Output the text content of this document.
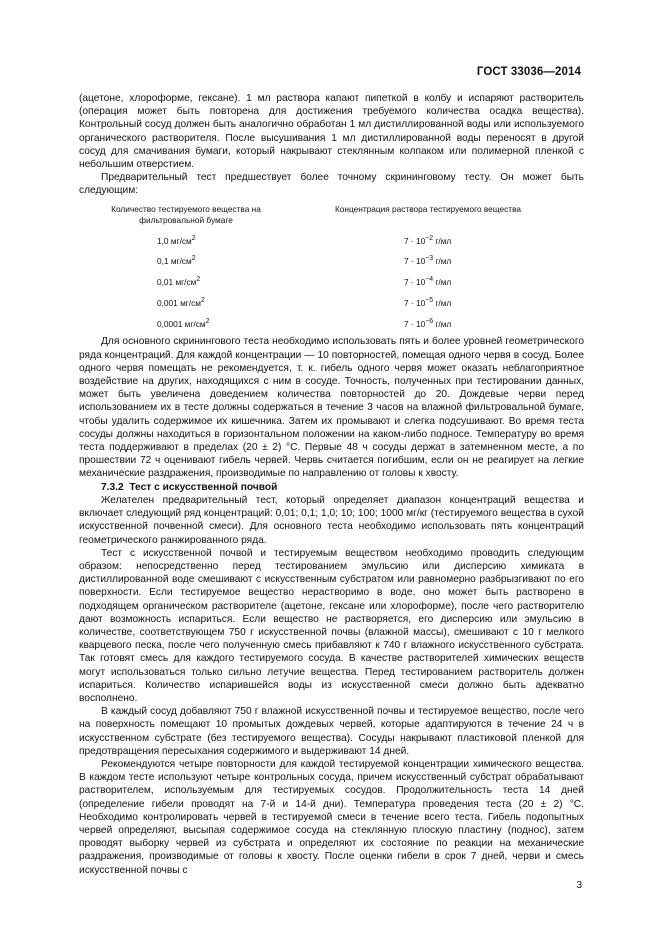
ГОСТ 33036—2014

(ацетоне, хлороформе, гексане). 1 мл раствора капают пипеткой в колбу и испаряют растворитель (операция может быть повторена для достижения требуемого количества осадка вещества). Контрольный сосуд должен быть аналогично обработан 1 мл дистиллированной воды или используемого органического растворителя. После высушивания 1 мл дистиллированной воды переносят в другой сосуд для смачивания бумаги, который накрывают стеклянным колпаком или полимерной пленкой с небольшим отверстием.

Предварительный тест предшествует более точному скрининговому тесту. Он может быть следующим:

Количество тестируемого вещества на фильтровальной бумаге
Концентрация раствора тестируемого вещества
1,0 $мг/см^2$	$7 \cdot 10^{-2}$ г/мл
0,1 $мг/см^2$	$7 \cdot 10^{-3}$ г/мл
0,01 $мг/см^2$	$7 \cdot 10^{-4}$ г/мл
0,001 $мг/см^2$	$7 \cdot 10^{-5}$ г/мл
0,0001 $мг/см^2$	$7 \cdot 10^{-6}$ г/мл

Для основного скринингового теста необходимо использовать пять и более уровней геометрического ряда концентраций. Для каждой концентрации — 10 повторностей, помещая одного червя в сосуд. Более одного червя помещать не рекомендуется, т. к. гибель одного червя может оказать неблагоприятное воздействие на других, находящихся с ним в сосуде. Точность, полученных при тестировании данных, может быть увеличена доведением количества повторностей до 20. Дождевые черви перед использованием их в тесте должны содержаться в течение 3 часов на влажной фильтровальной бумаге, чтобы удалить содержимое их кишечника. Затем их промывают и слегка подсушивают. Во время теста сосуды должны находиться в горизонтальном положении на каком-либо подносе. Температуру во время теста поддерживают в пределах (20 ± 2) °С. Первые 48 ч сосуды держат в затемненном месте, а по прошествии 72 ч оценивают гибель червей. Червь считается погибшим, если он не реагирует на легкие механические раздражения, производимые по направлению от головы к хвосту.

7.3.2 Тест с искусственной почвой

Желателен предварительный тест, который определяет диапазон концентраций вещества и включает следующий ряд концентраций: 0,01; 0,1; 1,0; 10; 100; 1000 мг/кг (тестируемого вещества в сухой искусственной почвенной смеси). Для основного теста необходимо использовать пять концентраций геометрического ранжированного ряда.

Тест с искусственной почвой и тестируемым веществом необходимо проводить следующим образом: непосредственно перед тестированием эмульсию или дисперсию химиката в дистиллированной воде смешивают с искусственным субстратом или равномерно разбрызгивают по его поверхности. Если тестируемое вещество нерастворимо в воде, оно может быть растворено в подходящем органическом растворителе (ацетоне, гексане или хлороформе), после чего растворителю дают возможность испариться. Если вещество не растворяется, его дисперсию или эмульсию в количестве, соответствующем 750 г искусственной почвы (влажной массы), смешивают с 10 г мелкого кварцевого песка, после чего полученную смесь прибавляют к 740 г влажного искусственного субстрата. Так готовят смесь для каждого тестируемого сосуда. В качестве растворителей химических веществ могут использоваться только сильно летучие вещества. Перед тестированием растворитель должен испариться. Количество испарившейся воды из искусственной смеси должно быть адекватно восполнено.

В каждый сосуд добавляют 750 г влажной искусственной почвы и тестируемое вещество, после чего на поверхность помещают 10 промытых дождевых червей, которые адаптируются в течение 24 ч в искусственном субстрате (без тестируемого вещества). Сосуды накрывают пластиковой пленкой для предотвращения пересыхания содержимого и выдерживают 14 дней.

Рекомендуются четыре повторности для каждой тестируемой концентрации химического вещества. В каждом тесте используют четыре контрольных сосуда, причем искусственный субстрат обрабатывают растворителем, используемым для тестируемых сосудов. Продолжительность теста 14 дней (определение гибели проводят на 7-й и 14-й дни). Температура проведения теста (20 ± 2) °С. Необходимо контролировать червей в тестируемой смеси в течение всего теста. Гибель подопытных червей определяют, высыпая содержимое сосуда на стеклянную плоскую пластину (поднос), затем проводят выборку червей из субстрата и определяют их состояние по реакции на механические раздражения, производимые от головы к хвосту. После оценки гибели в срок 7 дней, черви и смесь искусственной почвы с

3
